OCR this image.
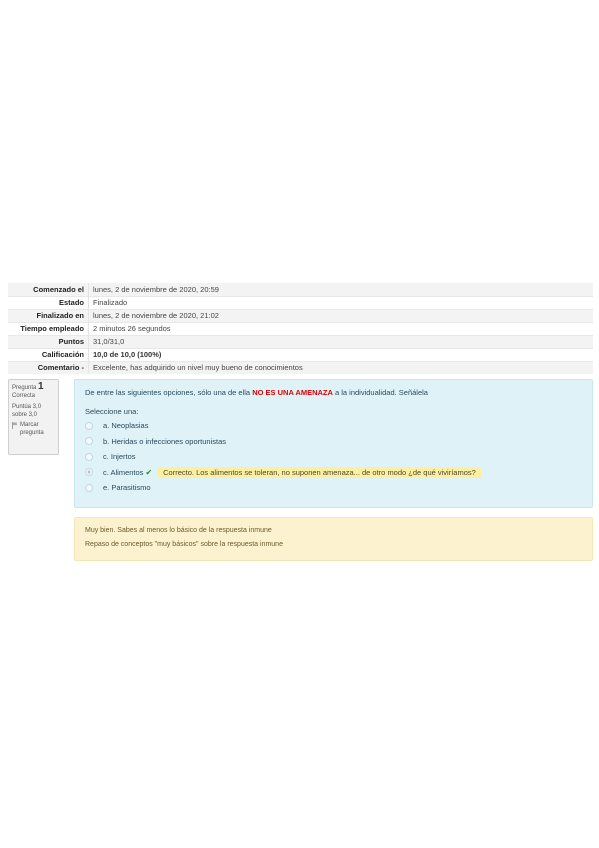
Comenzado el	lunes, 2 de noviembre de 2020, 20:59
Estado	Finalizado
Finalizado en	lunes, 2 de noviembre de 2020, 21:02
Tiempo empleado	2 minutos 26 segundos
Puntos	31,0/31,0
Calificación	10,0 de 10,0 (100%)
Comentario -	Excelente, has adquirido un nivel muy bueno de conocimientos
Pregunta 1
Correcta
Puntúa 3,0 sobre 3,0
Marcar pregunta

De entre las siguientes opciones, sólo una de ella NO ES UNA AMENAZA a la individualidad. Señálela

Seleccione una:

a. Neoplasias
b. Heridas o infecciones oportunistas
c. Injertos
c. Alimentos ✔	Correcto. Los alimentos se toleran, no suponen amenaza... de otro modo ¿de qué viviríamos?
e. Parasitismo
Muy bien. Sabes al menos lo básico de la respuesta inmune
Repaso de conceptos "muy básicos" sobre la respuesta inmune
